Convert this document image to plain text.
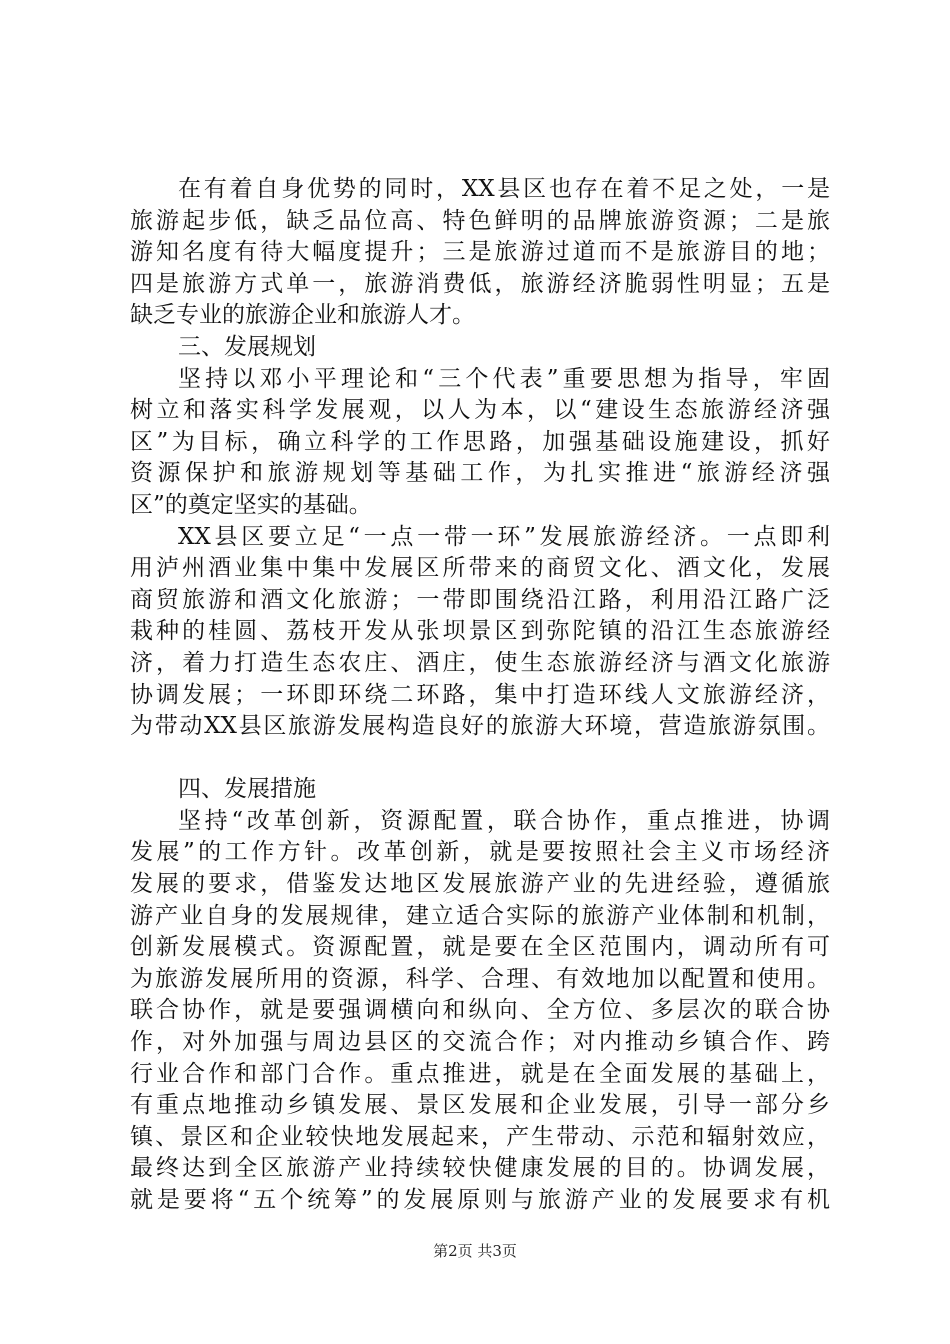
在有着自身优势的同时，XX县区也存在着不足之处，一是
旅游起步低，缺乏品位高、特色鲜明的品牌旅游资源；二是旅
游知名度有待大幅度提升；三是旅游过道而不是旅游目的地；
四是旅游方式单一，旅游消费低，旅游经济脆弱性明显；五是
缺乏专业的旅游企业和旅游人才。
三、发展规划
坚持以邓小平理论和“三个代表”重要思想为指导，牢固
树立和落实科学发展观，以人为本，以“建设生态旅游经济强
区”为目标，确立科学的工作思路，加强基础设施建设，抓好
资源保护和旅游规划等基础工作，为扎实推进“旅游经济强
区”的奠定坚实的基础。
XX县区要立足“一点一带一环”发展旅游经济。一点即利
用泸州酒业集中集中发展区所带来的商贸文化、酒文化，发展
商贸旅游和酒文化旅游；一带即围绕沿江路，利用沿江路广泛
栽种的桂圆、荔枝开发从张坝景区到弥陀镇的沿江生态旅游经
济，着力打造生态农庄、酒庄，使生态旅游经济与酒文化旅游
协调发展；一环即环绕二环路，集中打造环线人文旅游经济，
为带动XX县区旅游发展构造良好的旅游大环境，营造旅游氛围。
四、发展措施
坚持“改革创新，资源配置，联合协作，重点推进，协调
发展”的工作方针。改革创新，就是要按照社会主义市场经济
发展的要求，借鉴发达地区发展旅游产业的先进经验，遵循旅
游产业自身的发展规律，建立适合实际的旅游产业体制和机制，
创新发展模式。资源配置，就是要在全区范围内，调动所有可
为旅游发展所用的资源，科学、合理、有效地加以配置和使用。
联合协作，就是要强调横向和纵向、全方位、多层次的联合协
作，对外加强与周边县区的交流合作；对内推动乡镇合作、跨
行业合作和部门合作。重点推进，就是在全面发展的基础上，
有重点地推动乡镇发展、景区发展和企业发展，引导一部分乡
镇、景区和企业较快地发展起来，产生带动、示范和辐射效应，
最终达到全区旅游产业持续较快健康发展的目的。协调发展，
就是要将“五个统筹”的发展原则与旅游产业的发展要求有机
第2页 共3页
